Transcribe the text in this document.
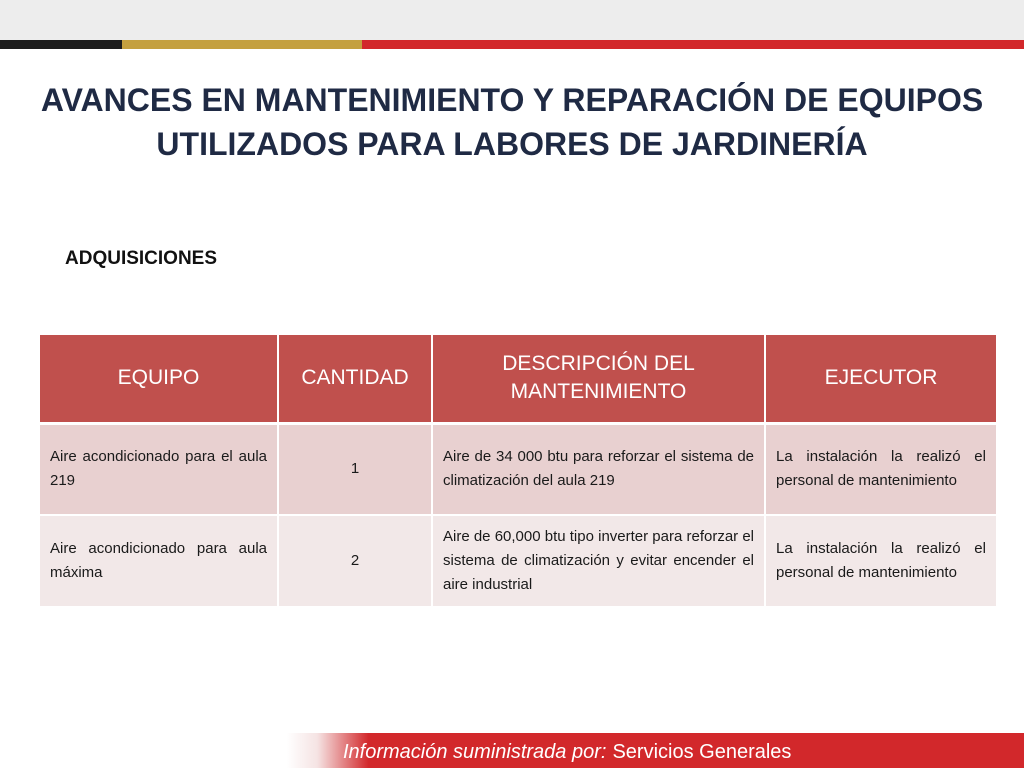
AVANCES EN MANTENIMIENTO Y REPARACIÓN DE EQUIPOS UTILIZADOS PARA LABORES DE JARDINERÍA
ADQUISICIONES
EQUIPO	CANTIDAD	DESCRIPCIÓN DEL MANTENIMIENTO	EJECUTOR
Aire acondicionado para el aula 219	1	Aire de 34 000 btu para reforzar el sistema de climatización del aula 219	La instalación la realizó el personal de mantenimiento
Aire acondicionado para aula máxima	2	Aire de 60,000 btu tipo inverter para reforzar el sistema de climatización y evitar encender el aire industrial	La instalación la realizó el personal de mantenimiento
Información suministrada por: Servicios Generales
